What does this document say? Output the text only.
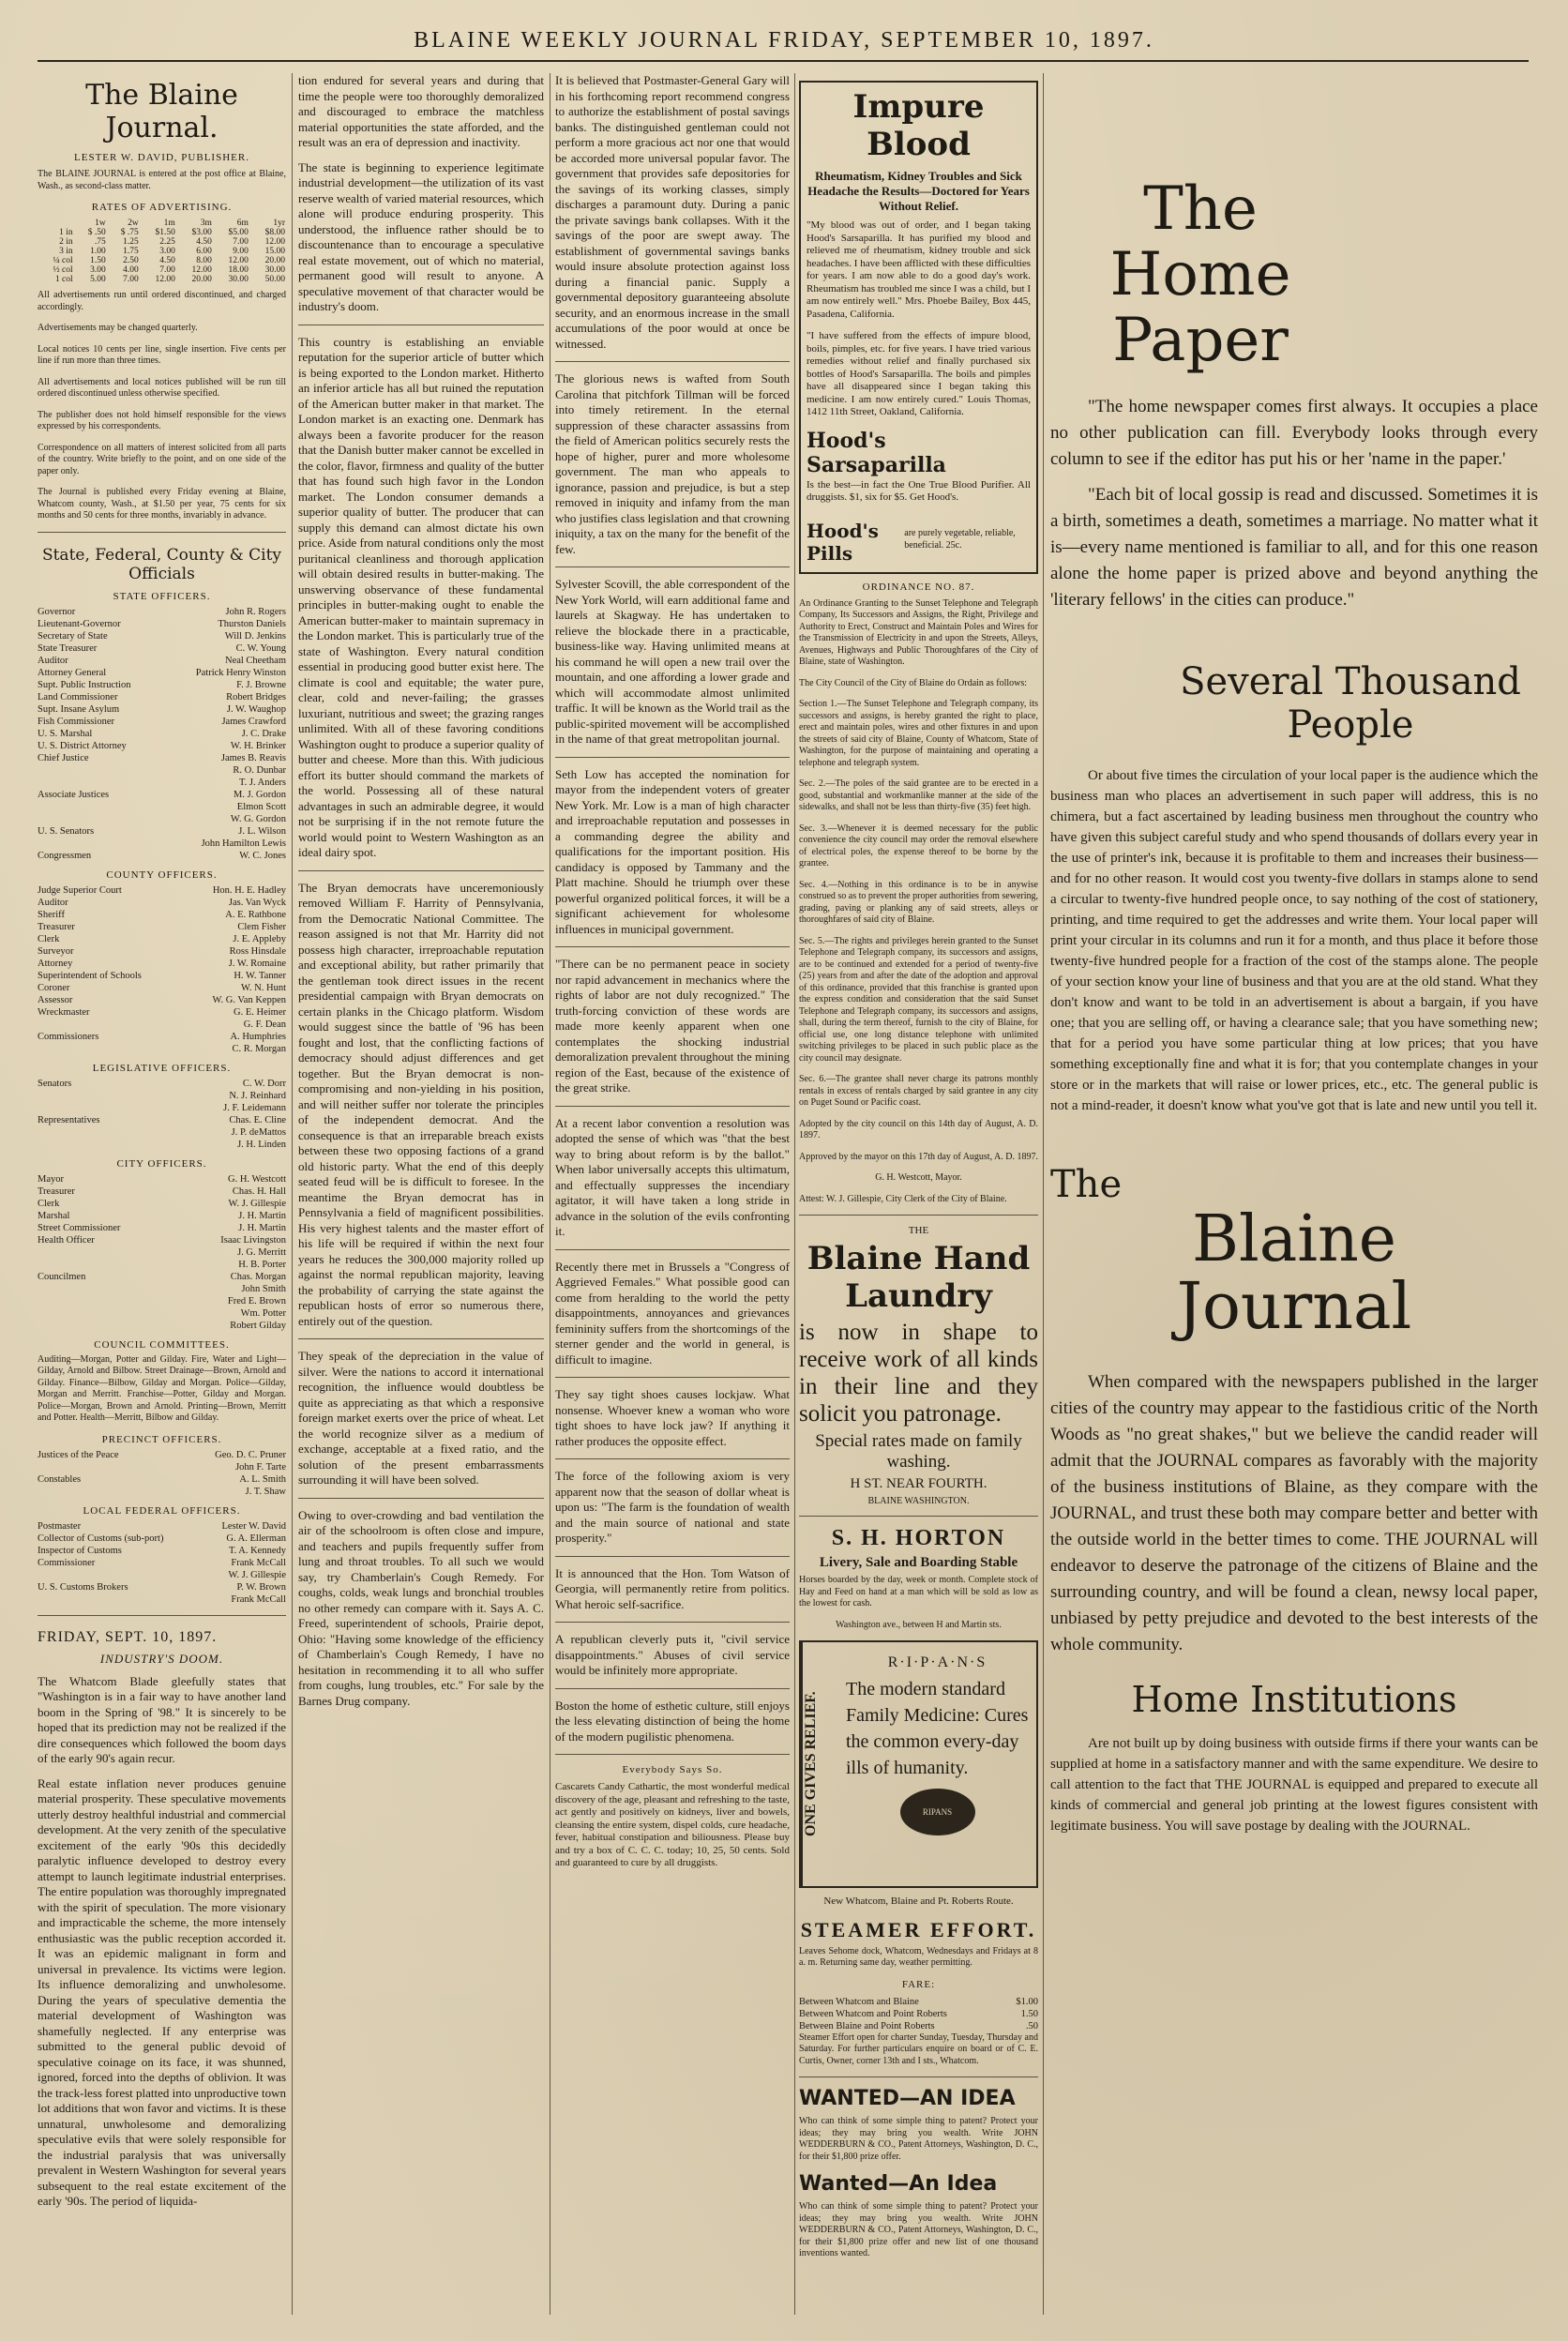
BLAINE WEEKLY JOURNAL FRIDAY, SEPTEMBER 10, 1897.
The Blaine Journal.
LESTER W. DAVID, PUBLISHER.
The BLAINE JOURNAL is entered at the post office at Blaine, Wash., as second-class matter.
RATES OF ADVERTISING.
	1w	2w	1m	3m	6m	1yr
1 in	$ .50	$ .75	$1.50	$3.00	$5.00	$8.00
2 in	.75	1.25	2.25	4.50	7.00	12.00
3 in	1.00	1.75	3.00	6.00	9.00	15.00
¼ col	1.50	2.50	4.50	8.00	12.00	20.00
½ col	3.00	4.00	7.00	12.00	18.00	30.00
1 col	5.00	7.00	12.00	20.00	30.00	50.00
All advertisements run until ordered discontinued, and charged accordingly.
Advertisements may be changed quarterly.
Local notices 10 cents per line, single insertion. Five cents per line if run more than three times.
All advertisements and local notices published will be run till ordered discontinued unless otherwise specified.
The publisher does not hold himself responsible for the views expressed by his correspondents.
Correspondence on all matters of interest solicited from all parts of the country. Write briefly to the point, and on one side of the paper only.
The Journal is published every Friday evening at Blaine, Whatcom county, Wash., at $1.50 per year, 75 cents for six months and 50 cents for three months, invariably in advance.
State, Federal, County & City Officials
STATE OFFICERS.
Governor	John R. Rogers
Lieutenant-Governor	Thurston Daniels
Secretary of State	Will D. Jenkins
State Treasurer	C. W. Young
Auditor	Neal Cheetham
Attorney General	Patrick Henry Winston
Supt. Public Instruction	F. J. Browne
Land Commissioner	Robert Bridges
Supt. Insane Asylum	J. W. Waughop
Fish Commissioner	James Crawford
U. S. Marshal	J. C. Drake
U. S. District Attorney	W. H. Brinker
Chief Justice	James B. Reavis
R. O. Dunbar
T. J. Anders
Associate Justices	M. J. Gordon
Elmon Scott
W. G. Gordon
U. S. Senators	J. L. Wilson
John Hamilton Lewis
Congressmen	W. C. Jones
COUNTY OFFICERS.
Judge Superior Court	Hon. H. E. Hadley
Auditor	Jas. Van Wyck
Sheriff	A. E. Rathbone
Treasurer	Clem Fisher
Clerk	J. E. Appleby
Surveyor	Ross Hinsdale
Attorney	J. W. Romaine
Superintendent of Schools	H. W. Tanner
Coroner	W. N. Hunt
Assessor	W. G. Van Keppen
Wreckmaster	G. E. Heimer
G. F. Dean
Commissioners	A. Humphries
C. R. Morgan
LEGISLATIVE OFFICERS.
Senators	C. W. Dorr
N. J. Reinhard
J. F. Leidemann
Representatives	Chas. E. Cline
J. P. deMattos
J. H. Linden
CITY OFFICERS.
Mayor	G. H. Westcott
Treasurer	Chas. H. Hall
Clerk	W. J. Gillespie
Marshal	J. H. Martin
Street Commissioner	J. H. Martin
Health Officer	Isaac Livingston
J. G. Merritt
H. B. Porter
Councilmen	Chas. Morgan
John Smith
Fred E. Brown
Wm. Potter
Robert Gilday
COUNCIL COMMITTEES.
Auditing—Morgan, Potter and Gilday. Fire, Water and Light—Gilday, Arnold and Bilbow. Street Drainage—Brown, Arnold and Gilday. Finance—Bilbow, Gilday and Morgan. Police—Gilday, Morgan and Merritt. Franchise—Potter, Gilday and Morgan. Police—Morgan, Brown and Arnold. Printing—Brown, Merritt and Potter. Health—Merritt, Bilbow and Gilday.
PRECINCT OFFICERS.
Justices of the Peace	Geo. D. C. Pruner
John F. Tarte
Constables	A. L. Smith
J. T. Shaw
LOCAL FEDERAL OFFICERS.
Postmaster	Lester W. David
Collector of Customs (sub-port)	G. A. Ellerman
Inspector of Customs	T. A. Kennedy
Commissioner	Frank McCall
W. J. Gillespie
U. S. Customs Brokers	P. W. Brown
Frank McCall
FRIDAY, SEPT. 10, 1897.
INDUSTRY'S DOOM.

The Whatcom Blade gleefully states that "Washington is in a fair way to have another land boom in the Spring of '98." It is sincerely to be hoped that its prediction may not be realized if the dire consequences which followed the boom days of the early 90's again recur.

Real estate inflation never produces genuine material prosperity. These speculative movements utterly destroy healthful industrial and commercial development. At the very zenith of the speculative excitement of the early '90s this decidedly paralytic influence developed to destroy every attempt to launch legitimate industrial enterprises. The entire population was thoroughly impregnated with the spirit of speculation. The more visionary and impracticable the scheme, the more intensely enthusiastic was the public reception accorded it. It was an epidemic malignant in form and universal in prevalence. Its victims were legion. Its influence demoralizing and unwholesome. During the years of speculative dementia the material development of Washington was shamefully neglected. If any enterprise was submitted to the general public devoid of speculative coinage on its face, it was shunned, ignored, forced into the depths of oblivion. It was the track-less forest platted into unproductive town lot additions that won favor and victims. It is these unnatural, unwholesome and demoralizing speculative evils that were solely responsible for the industrial paralysis that was universally prevalent in Western Washington for several years subsequent to the real estate excitement of the early '90s. The period of liquida-

tion endured for several years and during that time the people were too thoroughly demoralized and discouraged to embrace the matchless material opportunities the state afforded, and the result was an era of depression and inactivity.

The state is beginning to experience legitimate industrial development—the utilization of its vast reserve wealth of varied material resources, which alone will produce enduring prosperity. This understood, the influence rather should be to discountenance than to encourage a speculative real estate movement, out of which no material, permanent good will result to anyone. A speculative movement of that character would be industry's doom.

This country is establishing an enviable reputation for the superior article of butter which is being exported to the London market. Hitherto an inferior article has all but ruined the reputation of the American butter maker in that market. The London market is an exacting one. Denmark has always been a favorite producer for the reason that the Danish butter maker cannot be excelled in the color, flavor, firmness and quality of the butter that has found such high favor in the London market. The London consumer demands a superior quality of butter. The producer that can supply this demand can almost dictate his own price. Aside from natural conditions only the most puritanical cleanliness and thorough application will obtain desired results in butter-making. The unswerving observance of these fundamental principles in butter-making ought to enable the American butter-maker to maintain supremacy in the London market. This is particularly true of the state of Washington. Every natural condition essential in producing good butter exist here. The climate is cool and equitable; the water pure, clear, cold and never-failing; the grasses luxuriant, nutritious and sweet; the grazing ranges unlimited. With all of these favoring conditions Washington ought to produce a superior quality of butter and cheese. More than this. With judicious effort its butter should command the markets of the world. Possessing all of these natural advantages in such an admirable degree, it would not be surprising if in the not remote future the world would point to Western Washington as an ideal dairy spot.

The Bryan democrats have unceremoniously removed William F. Harrity of Pennsylvania, from the Democratic National Committee. The reason assigned is not that Mr. Harrity did not possess high character, irreproachable reputation and exceptional ability, but rather primarily that the gentleman took direct issues in the recent presidential campaign with Bryan democrats on certain planks in the Chicago platform. Wisdom would suggest since the battle of '96 has been fought and lost, that the conflicting factions of democracy should adjust differences and get together. But the Bryan democrat is non-compromising and non-yielding in his position, and will neither suffer nor tolerate the principles of the independent democrat. And the consequence is that an irreparable breach exists between these two opposing factions of a grand old historic party. What the end of this deeply seated feud will be is difficult to foresee. In the meantime the Bryan democrat has in Pennsylvania a field of magnificent possibilities. His very highest talents and the master effort of his life will be required if within the next four years he reduces the 300,000 majority rolled up against the normal republican majority, leaving the probability of carrying the state against the republican hosts of error so numerous there, entirely out of the question.

They speak of the depreciation in the value of silver. Were the nations to accord it international recognition, the influence would doubtless be quite as appreciating as that which a responsive foreign market exerts over the price of wheat. Let the world recognize silver as a medium of exchange, acceptable at a fixed ratio, and the solution of the present embarrassments surrounding it will have been solved.

Owing to over-crowding and bad ventilation the air of the schoolroom is often close and impure, and teachers and pupils frequently suffer from lung and throat troubles. To all such we would say, try Chamberlain's Cough Remedy. For coughs, colds, weak lungs and bronchial troubles no other remedy can compare with it. Says A. C. Freed, superintendent of schools, Prairie depot, Ohio: "Having some knowledge of the efficiency of Chamberlain's Cough Remedy, I have no hesitation in recommending it to all who suffer from coughs, lung troubles, etc." For sale by the Barnes Drug company.

It is believed that Postmaster-General Gary will in his forthcoming report recommend congress to authorize the establishment of postal savings banks. The distinguished gentleman could not perform a more gracious act nor one that would be accorded more universal popular favor. The government that provides safe depositories for the savings of its working classes, simply discharges a paramount duty. During a panic the private savings bank collapses. With it the savings of the poor are swept away. The establishment of governmental savings banks would insure absolute protection against loss during a financial panic. Supply a governmental depository guaranteeing absolute security, and an enormous increase in the small accumulations of the poor would at once be witnessed.

The glorious news is wafted from South Carolina that pitchfork Tillman will be forced into timely retirement. In the eternal suppression of these character assassins from the field of American politics securely rests the hope of higher, purer and more wholesome government. The man who appeals to ignorance, passion and prejudice, is but a step removed in iniquity and infamy from the man who justifies class legislation and that crowning iniquity, a tax on the many for the benefit of the few.

Sylvester Scovill, the able correspondent of the New York World, will earn additional fame and laurels at Skagway. He has undertaken to relieve the blockade there in a practicable, business-like way. Having unlimited means at his command he will open a new trail over the mountain, and one affording a lower grade and which will accommodate almost unlimited traffic. It will be known as the World trail as the public-spirited movement will be accomplished in the name of that great metropolitan journal.

Seth Low has accepted the nomination for mayor from the independent voters of greater New York. Mr. Low is a man of high character and irreproachable reputation and possesses in a commanding degree the ability and qualifications for the important position. His candidacy is opposed by Tammany and the Platt machine. Should he triumph over these powerful organized political forces, it will be a significant achievement for wholesome influences in municipal government.

"There can be no permanent peace in society nor rapid advancement in mechanics where the rights of labor are not duly recognized." The truth-forcing conviction of these words are made more keenly apparent when one contemplates the shocking industrial demoralization prevalent throughout the mining region of the East, because of the existence of the great strike.

At a recent labor convention a resolution was adopted the sense of which was "that the best way to bring about reform is by the ballot." When labor universally accepts this ultimatum, and effectually suppresses the incendiary agitator, it will have taken a long stride in advance in the solution of the evils confronting it.

Recently there met in Brussels a "Congress of Aggrieved Females." What possible good can come from heralding to the world the petty disappointments, annoyances and grievances femininity suffers from the shortcomings of the sterner gender and the world in general, is difficult to imagine.

They say tight shoes causes lockjaw. What nonsense. Whoever knew a woman who wore tight shoes to have lock jaw? If anything it rather produces the opposite effect.

The force of the following axiom is very apparent now that the season of dollar wheat is upon us: "The farm is the foundation of wealth and the main source of national and state prosperity."

It is announced that the Hon. Tom Watson of Georgia, will permanently retire from politics. What heroic self-sacrifice.

A republican cleverly puts it, "civil service disappointments." Abuses of civil service would be infinitely more appropriate.

Boston the home of esthetic culture, still enjoys the less elevating distinction of being the home of the modern pugilistic phenomena.

Everybody Says So.
Cascarets Candy Cathartic, the most wonderful medical discovery of the age, pleasant and refreshing to the taste, act gently and positively on kidneys, liver and bowels, cleansing the entire system, dispel colds, cure headache, fever, habitual constipation and biliousness. Please buy and try a box of C. C. C. today; 10, 25, 50 cents. Sold and guaranteed to cure by all druggists.
Impure Blood
Rheumatism, Kidney Troubles and Sick Headache the Results—Doctored for Years Without Relief.
"My blood was out of order, and I began taking Hood's Sarsaparilla. It has purified my blood and relieved me of rheumatism, kidney trouble and sick headaches. I have been afflicted with these difficulties for years. I am now able to do a good day's work. Rheumatism has troubled me since I was a child, but I am now entirely well." Mrs. Phoebe Bailey, Box 445, Pasadena, California.
"I have suffered from the effects of impure blood, boils, pimples, etc. for five years. I have tried various remedies without relief and finally purchased six bottles of Hood's Sarsaparilla. The boils and pimples have all disappeared since I began taking this medicine. I am now entirely cured." Louis Thomas, 1412 11th Street, Oakland, California.
Hood's Sarsaparilla
Is the best—in fact the One True Blood Purifier. All druggists. $1, six for $5. Get Hood's.
Hood's Pills
are purely vegetable, reliable, beneficial. 25c.
ORDINANCE NO. 87.
An Ordinance Granting to the Sunset Telephone and Telegraph Company, Its Successors and Assigns, the Right, Privilege and Authority to Erect, Construct and Maintain Poles and Wires for the Transmission of Electricity in and upon the Streets, Alleys, Avenues, Highways and Public Thoroughfares of the City of Blaine, state of Washington.
The City Council of the City of Blaine do Ordain as follows:
Section 1.—The Sunset Telephone and Telegraph company, its successors and assigns, is hereby granted the right to place, erect and maintain poles, wires and other fixtures in and upon the streets of said city of Blaine, County of Whatcom, State of Washington, for the purpose of maintaining and operating a telephone and telegraph system.
Sec. 2.—The poles of the said grantee are to be erected in a good, substantial and workmanlike manner at the side of the sidewalks, and shall not be less than thirty-five (35) feet high.
Sec. 3.—Whenever it is deemed necessary for the public convenience the city council may order the removal elsewhere of electrical poles, the expense thereof to be borne by the grantee.
Sec. 4.—Nothing in this ordinance is to be in anywise construed so as to prevent the proper authorities from sewering, grading, paving or planking any of said streets, alleys or thoroughfares of said city of Blaine.
Sec. 5.—The rights and privileges herein granted to the Sunset Telephone and Telegraph company, its successors and assigns, are to be continued and extended for a period of twenty-five (25) years from and after the date of the adoption and approval of this ordinance, provided that this franchise is granted upon the express condition and consideration that the said Sunset Telephone and Telegraph company, its successors and assigns, shall, during the term thereof, furnish to the city of Blaine, for official use, one long distance telephone with unlimited switching privileges to be placed in such public place as the city council may designate.
Sec. 6.—The grantee shall never charge its patrons monthly rentals in excess of rentals charged by said grantee in any city on Puget Sound or Pacific coast.
Adopted by the city council on this 14th day of August, A. D. 1897.
Approved by the mayor on this 17th day of August, A. D. 1897.
G. H. Westcott, Mayor.
Attest: W. J. Gillespie, City Clerk of the City of Blaine.
THE
Blaine Hand Laundry
is now in shape to receive work of all kinds in their line and they solicit you patronage.
Special rates made on family washing.
H ST. NEAR FOURTH.
BLAINE WASHINGTON.
S. H. HORTON
Livery, Sale and Boarding Stable
Horses boarded by the day, week or month. Complete stock of Hay and Feed on hand at a man which will be sold as low as the lowest for cash.
Washington ave., between H and Martin sts.
ONE GIVES RELIEF.
R·I·P·A·N·S
The modern standard Family Medicine: Cures the common every-day ills of humanity.
RIPANS
New Whatcom, Blaine and Pt. Roberts Route.
STEAMER EFFORT.
Leaves Sehome dock, Whatcom, Wednesdays and Fridays at 8 a. m. Returning same day, weather permitting.
FARE:
Between Whatcom and Blaine	$1.00
Between Whatcom and Point Roberts	1.50
Between Blaine and Point Roberts	.50
Steamer Effort open for charter Sunday, Tuesday, Thursday and Saturday. For further particulars enquire on board or of C. E. Curtis, Owner, corner 13th and I sts., Whatcom.
WANTED—AN IDEA
Who can think of some simple thing to patent? Protect your ideas; they may bring you wealth. Write JOHN WEDDERBURN & CO., Patent Attorneys, Washington, D. C., for their $1,800 prize offer.
Wanted—An Idea
Who can think of some simple thing to patent? Protect your ideas; they may bring you wealth. Write JOHN WEDDERBURN & CO., Patent Attorneys, Washington, D. C., for their $1,800 prize offer and new list of one thousand inventions wanted.
The Home Paper

"The home newspaper comes first always. It occupies a place no other publication can fill. Everybody looks through every column to see if the editor has put his or her 'name in the paper.'

"Each bit of local gossip is read and discussed. Sometimes it is a birth, sometimes a death, sometimes a marriage. No matter what it is—every name mentioned is familiar to all, and for this one reason alone the home paper is prized above and beyond anything the 'literary fellows' in the cities can produce."

Several Thousand People

Or about five times the circulation of your local paper is the audience which the business man who places an advertisement in such paper will address, this is no chimera, but a fact ascertained by leading business men throughout the country who have given this subject careful study and who spend thousands of dollars every year in the use of printer's ink, because it is profitable to them and increases their business—and for no other reason. It would cost you twenty-five dollars in stamps alone to send a circular to twenty-five hundred people once, to say nothing of the cost of stationery, printing, and time required to get the addresses and write them. Your local paper will print your circular in its columns and run it for a month, and thus place it before those twenty-five hundred people for a fraction of the cost of the stamps alone. The people of your section know your line of business and that you are at the old stand. What they don't know and want to be told in an advertisement is about a bargain, if you have one; that you are selling off, or having a clearance sale; that you have something new; that for a period you have some particular thing at low prices; that you have something exceptionally fine and what it is for; that you contemplate changes in your store or in the markets that will raise or lower prices, etc., etc. The general public is not a mind-reader, it doesn't know what you've got that is late and new until you tell it.

The
Blaine
Journal

When compared with the newspapers published in the larger cities of the country may appear to the fastidious critic of the North Woods as "no great shakes," but we believe the candid reader will admit that the JOURNAL compares as favorably with the majority of the business institutions of Blaine, as they compare with the JOURNAL, and trust these both may compare better and better with the outside world in the better times to come. THE JOURNAL will endeavor to deserve the patronage of the citizens of Blaine and the surrounding country, and will be found a clean, newsy local paper, unbiased by petty prejudice and devoted to the best interests of the whole community.

Home Institutions

Are not built up by doing business with outside firms if there your wants can be supplied at home in a satisfactory manner and with the same expenditure. We desire to call attention to the fact that THE JOURNAL is equipped and prepared to execute all kinds of commercial and general job printing at the lowest figures consistent with legitimate business. You will save postage by dealing with the JOURNAL.
